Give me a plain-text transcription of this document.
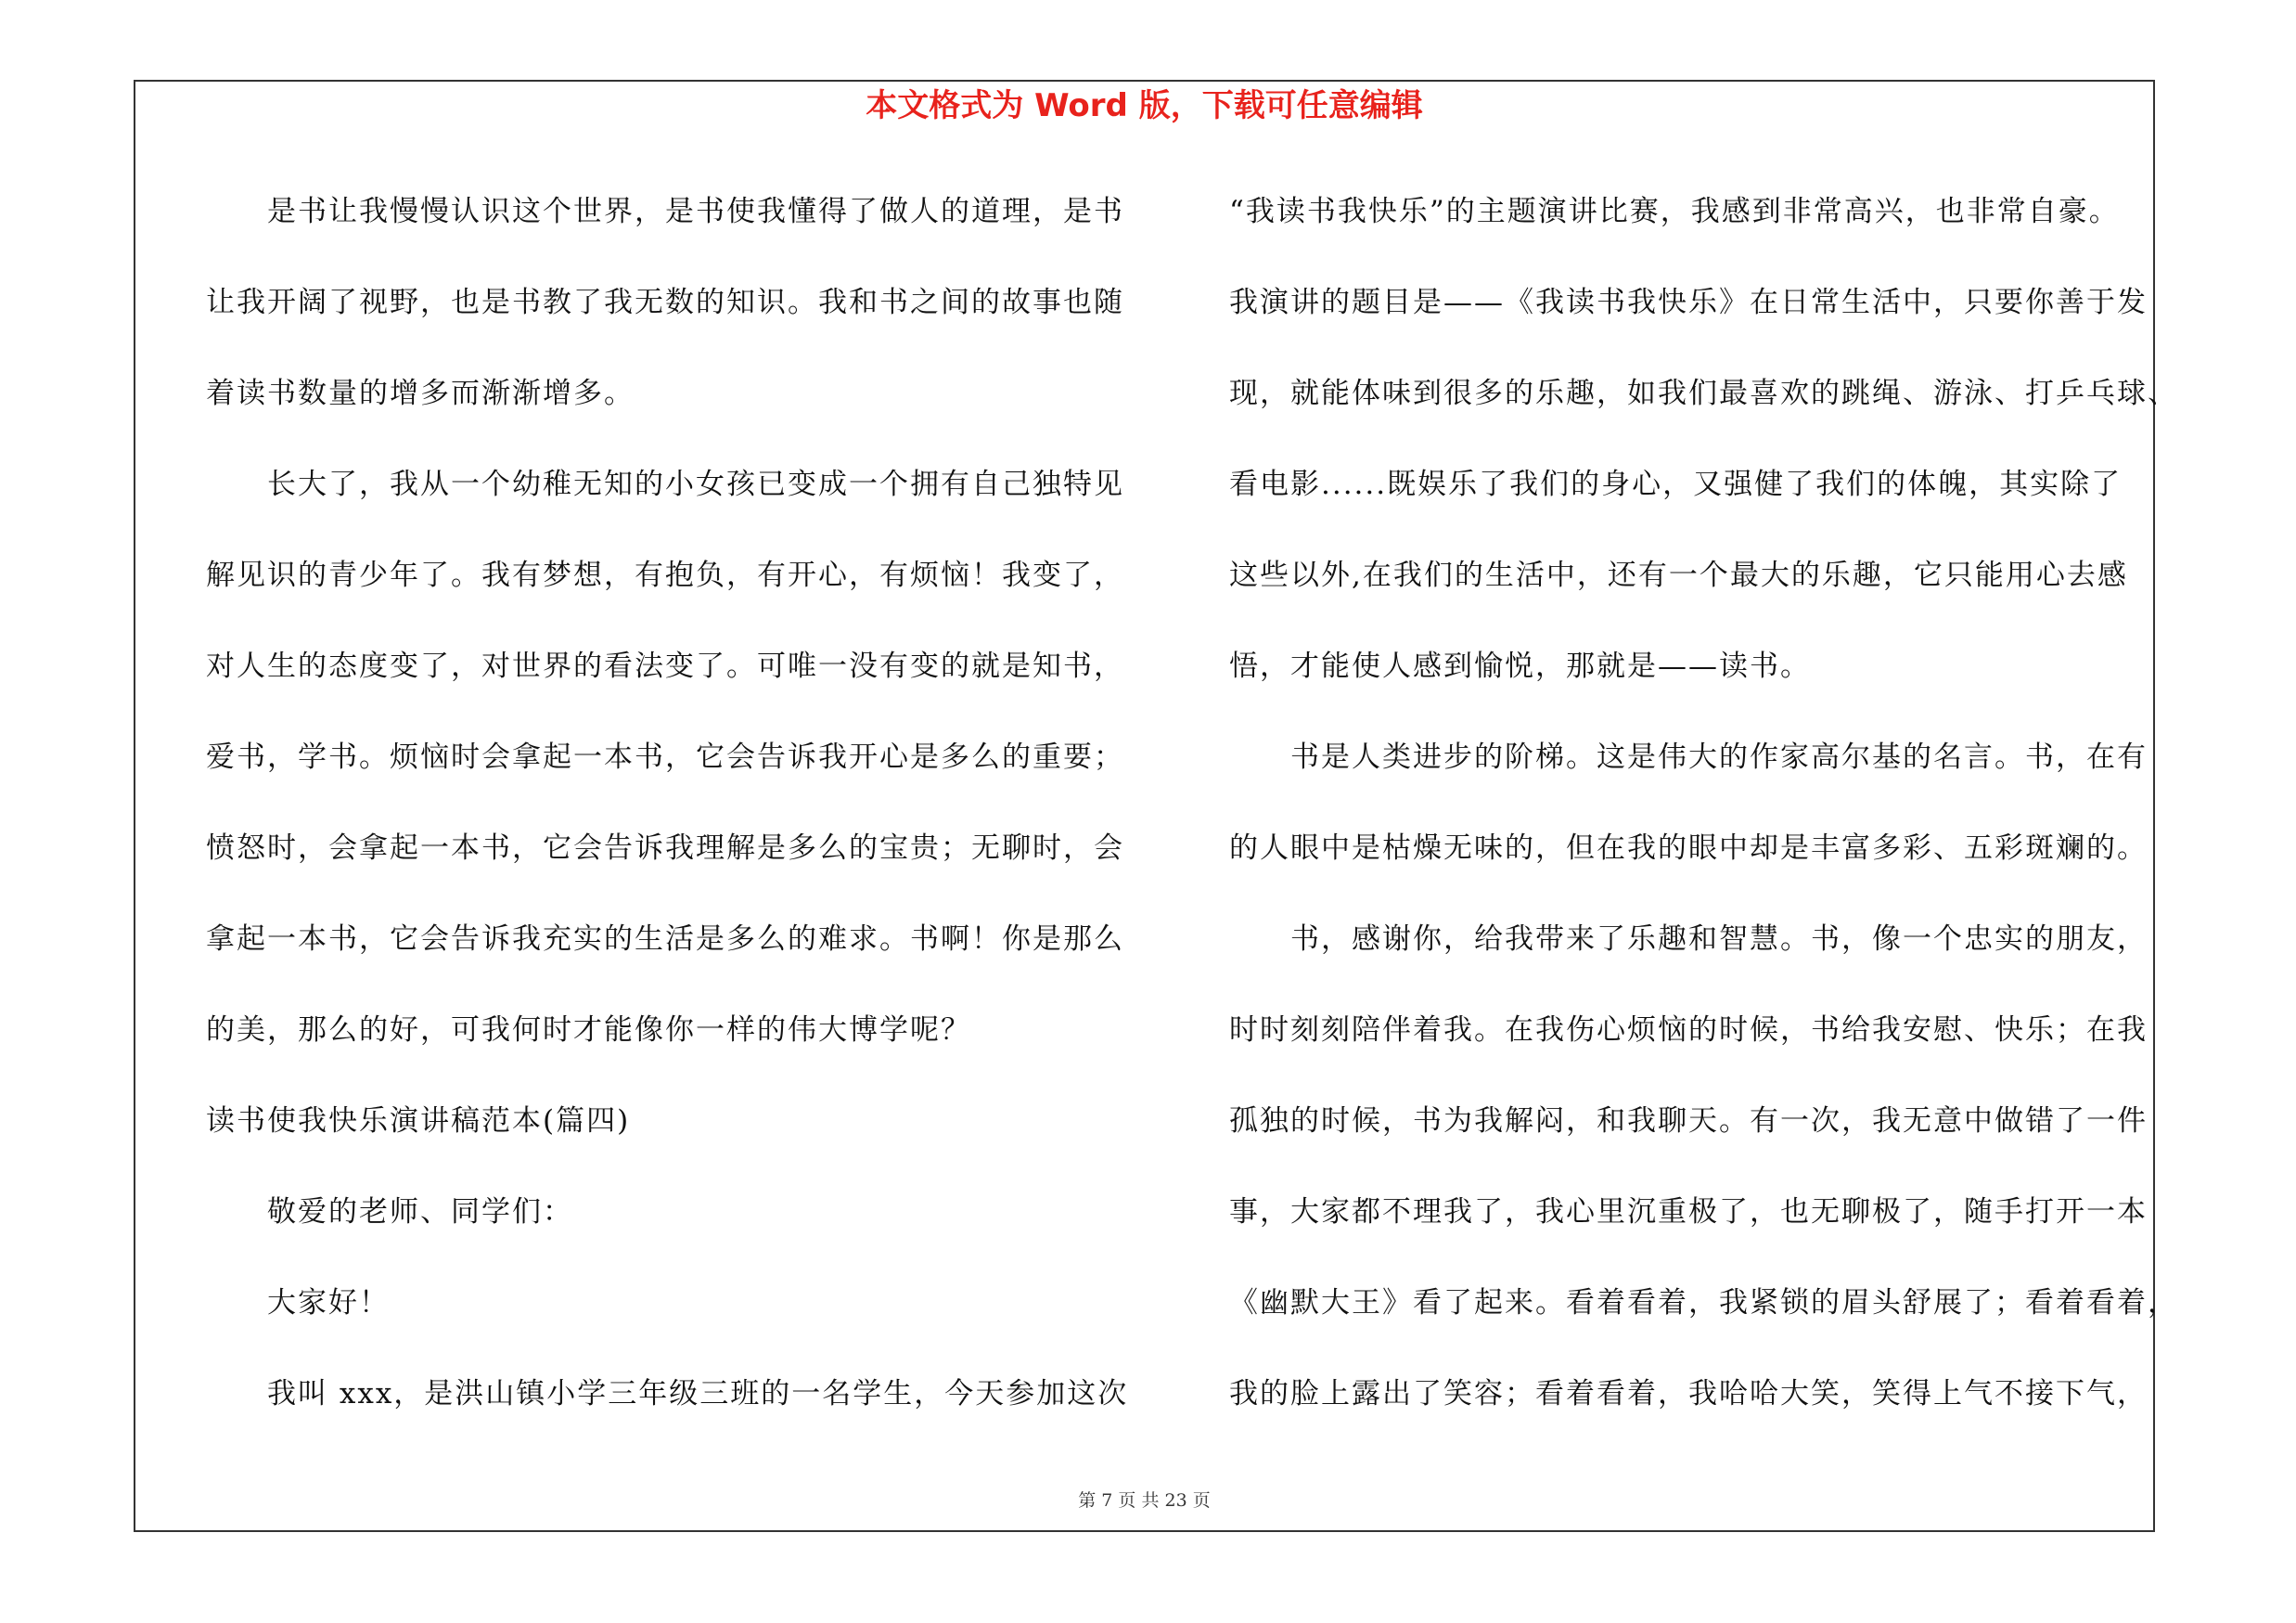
本文格式为 Word 版，下载可任意编辑
是书让我慢慢认识这个世界，是书使我懂得了做人的道理，是书
让我开阔了视野，也是书教了我无数的知识。我和书之间的故事也随
着读书数量的增多而渐渐增多。
长大了，我从一个幼稚无知的小女孩已变成一个拥有自己独特见
解见识的青少年了。我有梦想，有抱负，有开心，有烦恼！我变了，
对人生的态度变了，对世界的看法变了。可唯一没有变的就是知书，
爱书，学书。烦恼时会拿起一本书，它会告诉我开心是多么的重要；
愤怒时，会拿起一本书，它会告诉我理解是多么的宝贵；无聊时，会
拿起一本书，它会告诉我充实的生活是多么的难求。书啊！你是那么
的美，那么的好，可我何时才能像你一样的伟大博学呢？
读书使我快乐演讲稿范本(篇四)
敬爱的老师、同学们：
大家好！
我叫 xxx，是洪山镇小学三年级三班的一名学生，今天参加这次
“我读书我快乐”的主题演讲比赛，我感到非常高兴，也非常自豪。
我演讲的题目是——《我读书我快乐》在日常生活中，只要你善于发
现，就能体味到很多的乐趣，如我们最喜欢的跳绳、游泳、打乒乓球、
看电影......既娱乐了我们的身心，又强健了我们的体魄，其实除了
这些以外,在我们的生活中，还有一个最大的乐趣，它只能用心去感
悟，才能使人感到愉悦，那就是——读书。
书是人类进步的阶梯。这是伟大的作家高尔基的名言。书，在有
的人眼中是枯燥无味的，但在我的眼中却是丰富多彩、五彩斑斓的。
书，感谢你，给我带来了乐趣和智慧。书，像一个忠实的朋友，
时时刻刻陪伴着我。在我伤心烦恼的时候，书给我安慰、快乐；在我
孤独的时候，书为我解闷，和我聊天。有一次，我无意中做错了一件
事，大家都不理我了，我心里沉重极了，也无聊极了，随手打开一本
《幽默大王》看了起来。看着看着，我紧锁的眉头舒展了；看着看着，
我的脸上露出了笑容；看着看着，我哈哈大笑，笑得上气不接下气，
第 7 页 共 23 页
